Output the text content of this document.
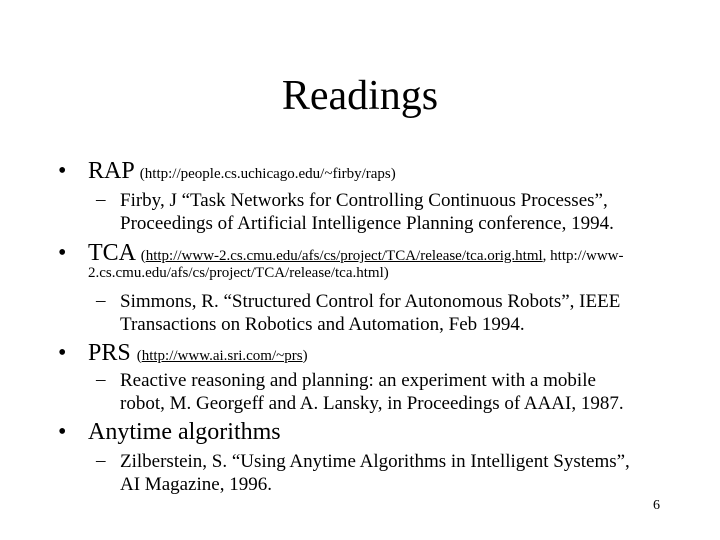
Readings
• RAP (http://people.cs.uchicago.edu/~firby/raps)
– Firby, J “Task Networks for Controlling Continuous Processes”,
Proceedings of Artificial Intelligence Planning conference, 1994.
• TCA (http://www-2.cs.cmu.edu/afs/cs/project/TCA/release/tca.orig.html, http://www-
2.cs.cmu.edu/afs/cs/project/TCA/release/tca.html)
– Simmons, R. “Structured Control for Autonomous Robots”, IEEE
Transactions on Robotics and Automation, Feb 1994.
• PRS (http://www.ai.sri.com/~prs)
– Reactive reasoning and planning: an experiment with a mobile
robot, M. Georgeff and A. Lansky, in Proceedings of AAAI, 1987.
• Anytime algorithms
– Zilberstein, S. “Using Anytime Algorithms in Intelligent Systems”,
AI Magazine, 1996.
6
